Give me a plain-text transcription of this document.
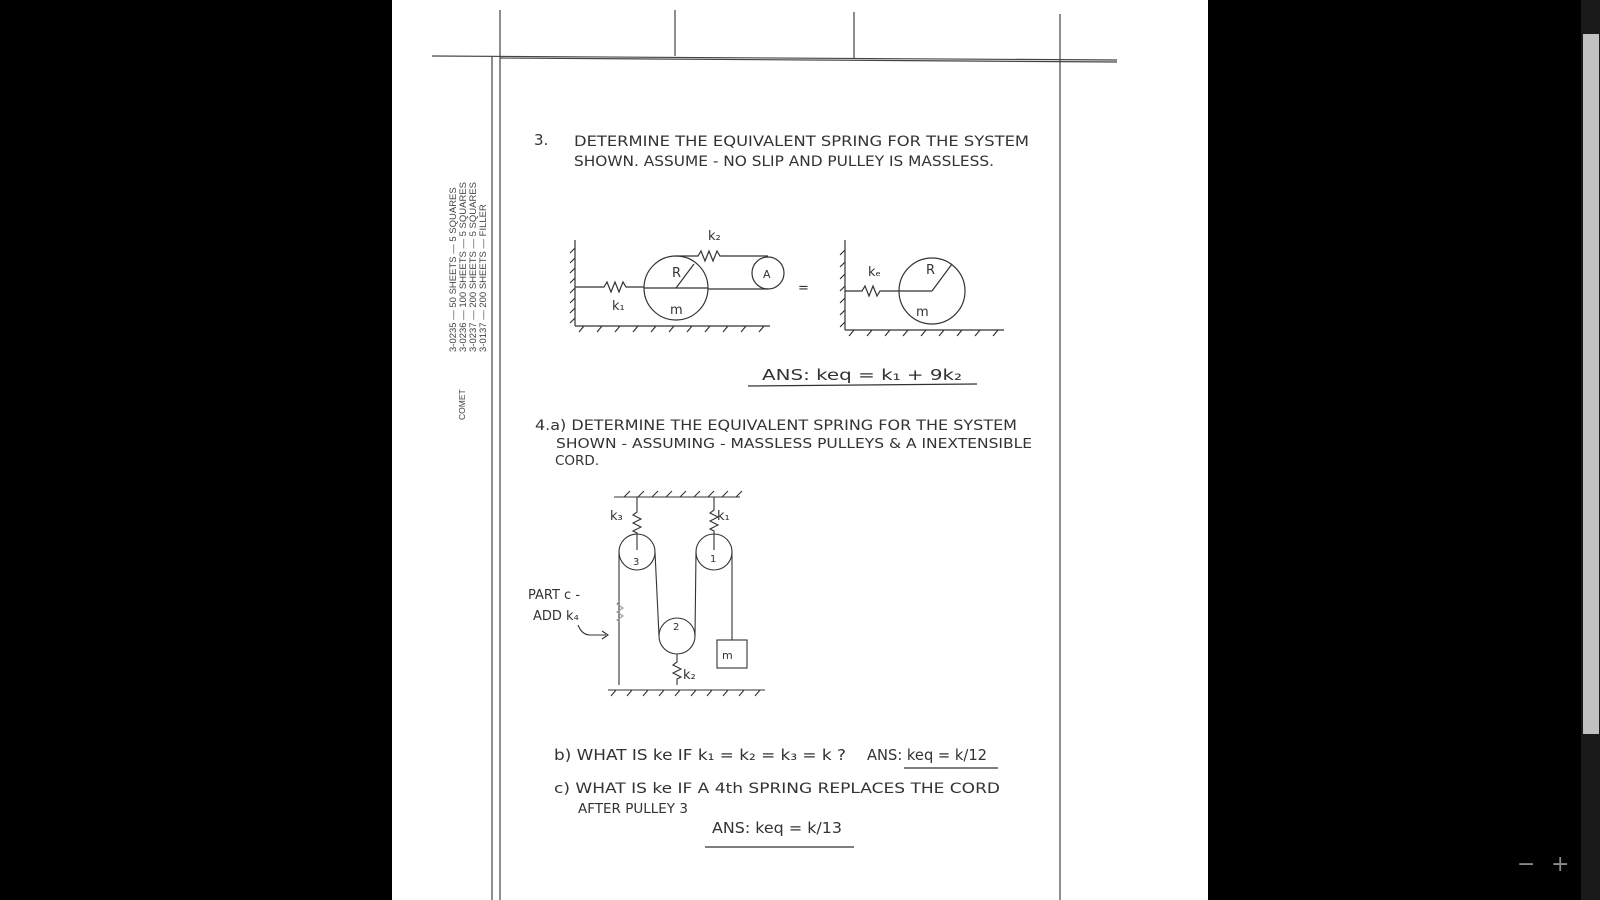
3-0235 — 50 SHEETS — 5 SQUARES 3-0236 — 100 SHEETS — 5 SQUARES 3-0237 — 200 SHEETS — 5 SQUARES 3-0137 — 200 SHEETS — FILLER
COMET
3. DETERMINE THE EQUIVALENT SPRING FOR THE SYSTEM
SHOWN. ASSUME - NO SLIP AND PULLEY IS MASSLESS.
k₂
k₁
R
m
A
=
kₑ	R
m
ANS: keq = k₁ + 9k₂
4.a) DETERMINE THE EQUIVALENT SPRING FOR THE SYSTEM
SHOWN - ASSUMING - MASSLESS PULLEYS & A INEXTENSIBLE
CORD.
k₃	k₁
k₂
3	1
2
m
PART c -
ADD k₄
b) WHAT IS ke IF k₁ = k₂ = k₃ = k ? ANS: keq = k/12
c) WHAT IS ke IF A 4th SPRING REPLACES THE CORD
AFTER PULLEY 3
ANS: keq = k/13
− +
